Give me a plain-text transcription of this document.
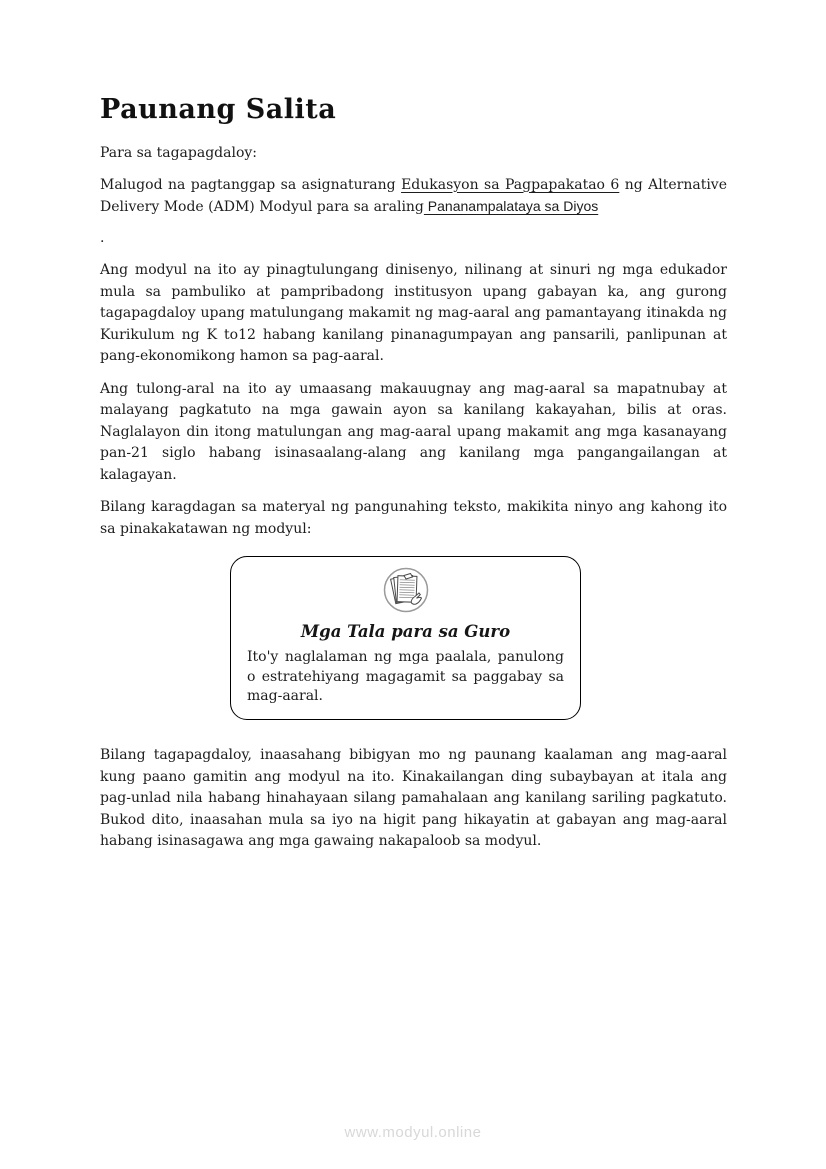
Paunang Salita

Para sa tagapagdaloy:

Malugod na pagtanggap sa asignaturang Edukasyon sa Pagpapakatao 6 ng Alternative Delivery Mode (ADM) Modyul para sa araling Pananampalataya sa Diyos

.

Ang modyul na ito ay pinagtulungang dinisenyo, nilinang at sinuri ng mga edukador mula sa pambuliko at pampribadong institusyon upang gabayan ka, ang gurong tagapagdaloy upang matulungang makamit ng mag-aaral ang pamantayang itinakda ng Kurikulum ng K to12 habang kanilang pinanagumpayan ang pansarili, panlipunan at pang-ekonomikong hamon sa pag-aaral.

Ang tulong-aral na ito ay umaasang makauugnay ang mag-aaral sa mapatnubay at malayang pagkatuto na mga gawain ayon sa kanilang kakayahan, bilis at oras. Naglalayon din itong matulungan ang mag-aaral upang makamit ang mga kasanayang pan-21 siglo habang isinasaalang-alang ang kanilang mga pangangailangan at kalagayan.

Bilang karagdagan sa materyal ng pangunahing teksto, makikita ninyo ang kahong ito sa pinakakatawan ng modyul:

Mga Tala para sa Guro
Ito'y naglalaman ng mga paalala, panulong o estratehiyang magagamit sa paggabay sa mag-aaral.

Bilang tagapagdaloy, inaasahang bibigyan mo ng paunang kaalaman ang mag-aaral kung paano gamitin ang modyul na ito. Kinakailangan ding subaybayan at itala ang pag-unlad nila habang hinahayaan silang pamahalaan ang kanilang sariling pagkatuto. Bukod dito, inaasahan mula sa iyo na higit pang hikayatin at gabayan ang mag-aaral habang isinasagawa ang mga gawaing nakapaloob sa modyul.

www.modyul.online
